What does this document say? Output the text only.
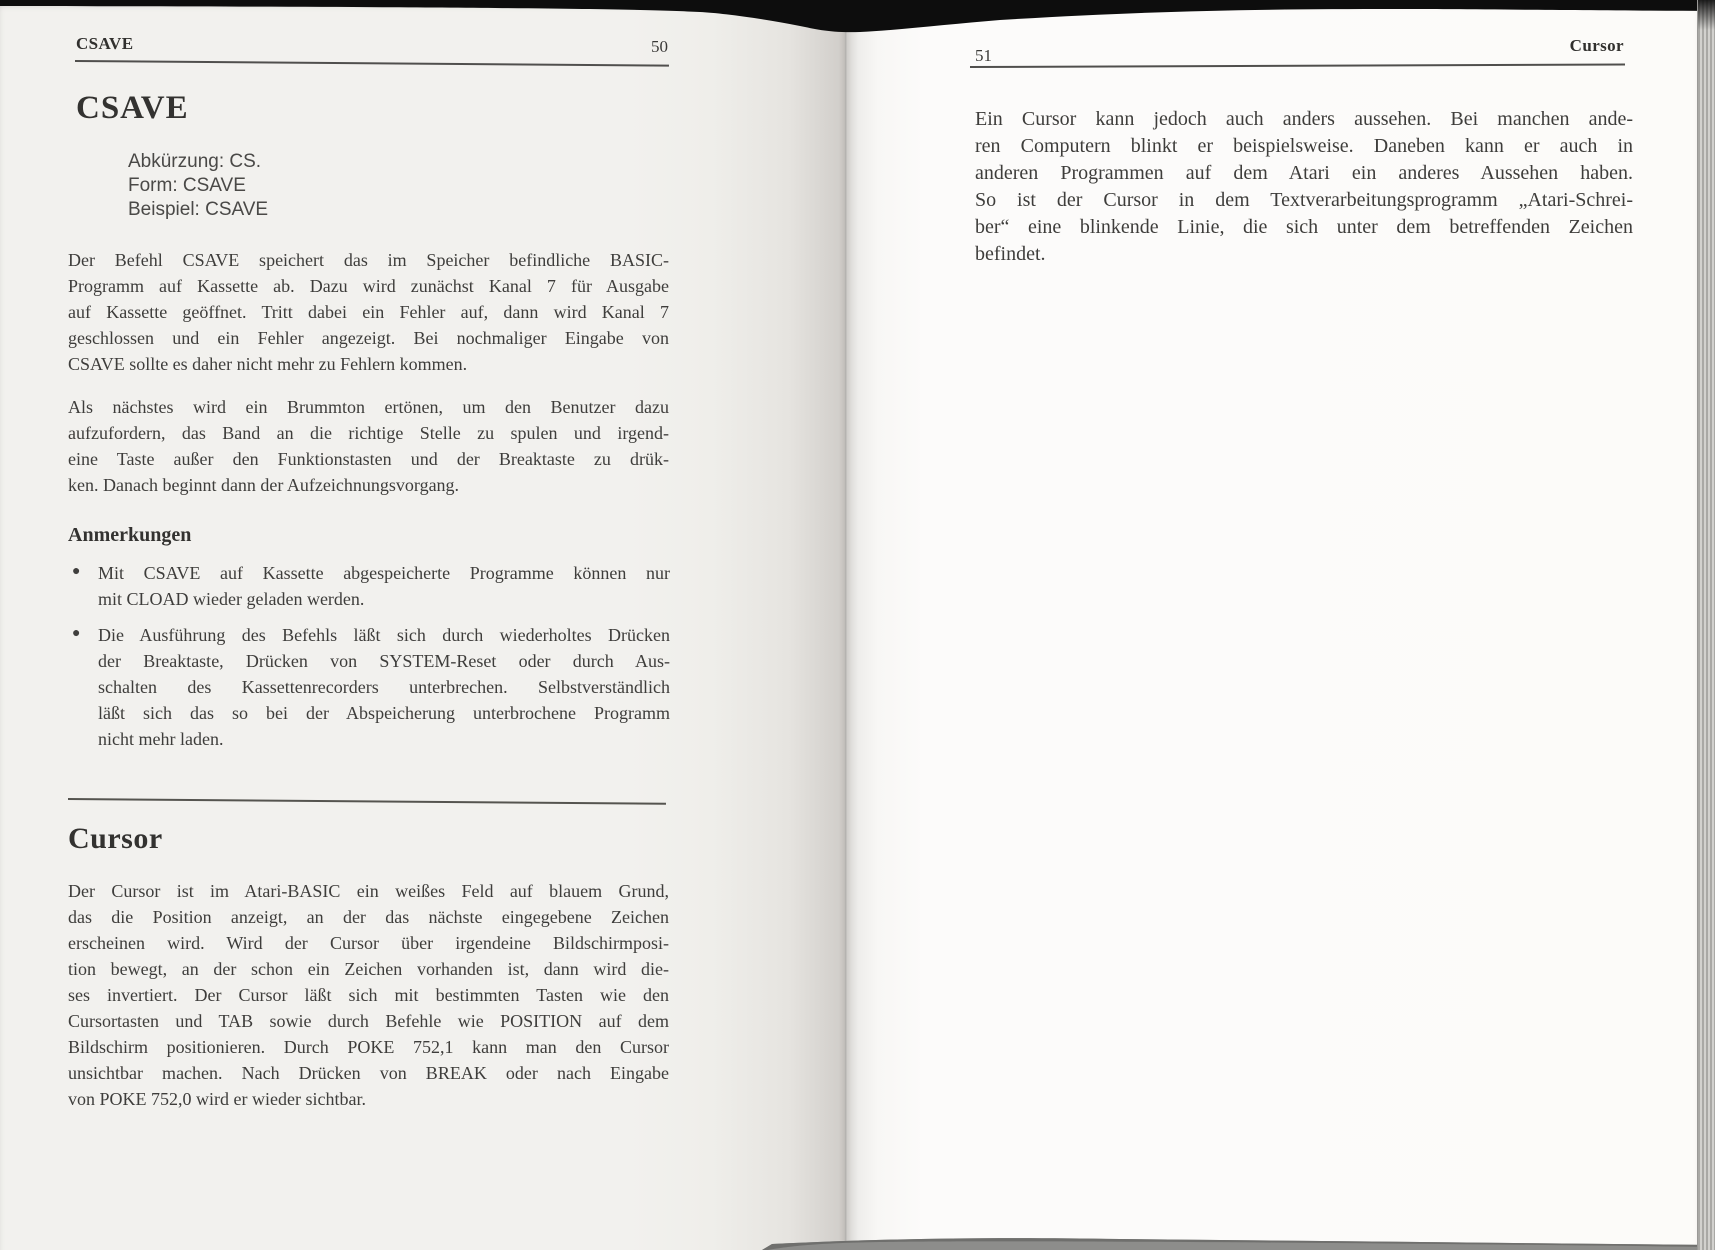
CSAVE	50
CSAVE
Abkürzung: CS.
Form: CSAVE
Beispiel: CSAVE
Der Befehl CSAVE speichert das im Speicher befindliche BASIC-
Programm auf Kassette ab. Dazu wird zunächst Kanal 7 für Ausgabe
auf Kassette geöffnet. Tritt dabei ein Fehler auf, dann wird Kanal 7
geschlossen und ein Fehler angezeigt. Bei nochmaliger Eingabe von
CSAVE sollte es daher nicht mehr zu Fehlern kommen.
Als nächstes wird ein Brummton ertönen, um den Benutzer dazu
aufzufordern, das Band an die richtige Stelle zu spulen und irgend-
eine Taste außer den Funktionstasten und der Breaktaste zu drük-
ken. Danach beginnt dann der Aufzeichnungsvorgang.
Anmerkungen
● Mit CSAVE auf Kassette abgespeicherte Programme können nur
mit CLOAD wieder geladen werden.
● Die Ausführung des Befehls läßt sich durch wiederholtes Drücken
der Breaktaste, Drücken von SYSTEM-Reset oder durch Aus-
schalten des Kassettenrecorders unterbrechen. Selbstverständlich
läßt sich das so bei der Abspeicherung unterbrochene Programm
nicht mehr laden.
Cursor
Der Cursor ist im Atari-BASIC ein weißes Feld auf blauem Grund,
das die Position anzeigt, an der das nächste eingegebene Zeichen
erscheinen wird. Wird der Cursor über irgendeine Bildschirmposi-
tion bewegt, an der schon ein Zeichen vorhanden ist, dann wird die-
ses invertiert. Der Cursor läßt sich mit bestimmten Tasten wie den
Cursortasten und TAB sowie durch Befehle wie POSITION auf dem
Bildschirm positionieren. Durch POKE 752,1 kann man den Cursor
unsichtbar machen. Nach Drücken von BREAK oder nach Eingabe
von POKE 752,0 wird er wieder sichtbar.
51
Cursor
Ein Cursor kann jedoch auch anders aussehen. Bei manchen ande-
ren Computern blinkt er beispielsweise. Daneben kann er auch in
anderen Programmen auf dem Atari ein anderes Aussehen haben.
So ist der Cursor in dem Textverarbeitungsprogramm „Atari-Schrei-
ber“ eine blinkende Linie, die sich unter dem betreffenden Zeichen
befindet.
